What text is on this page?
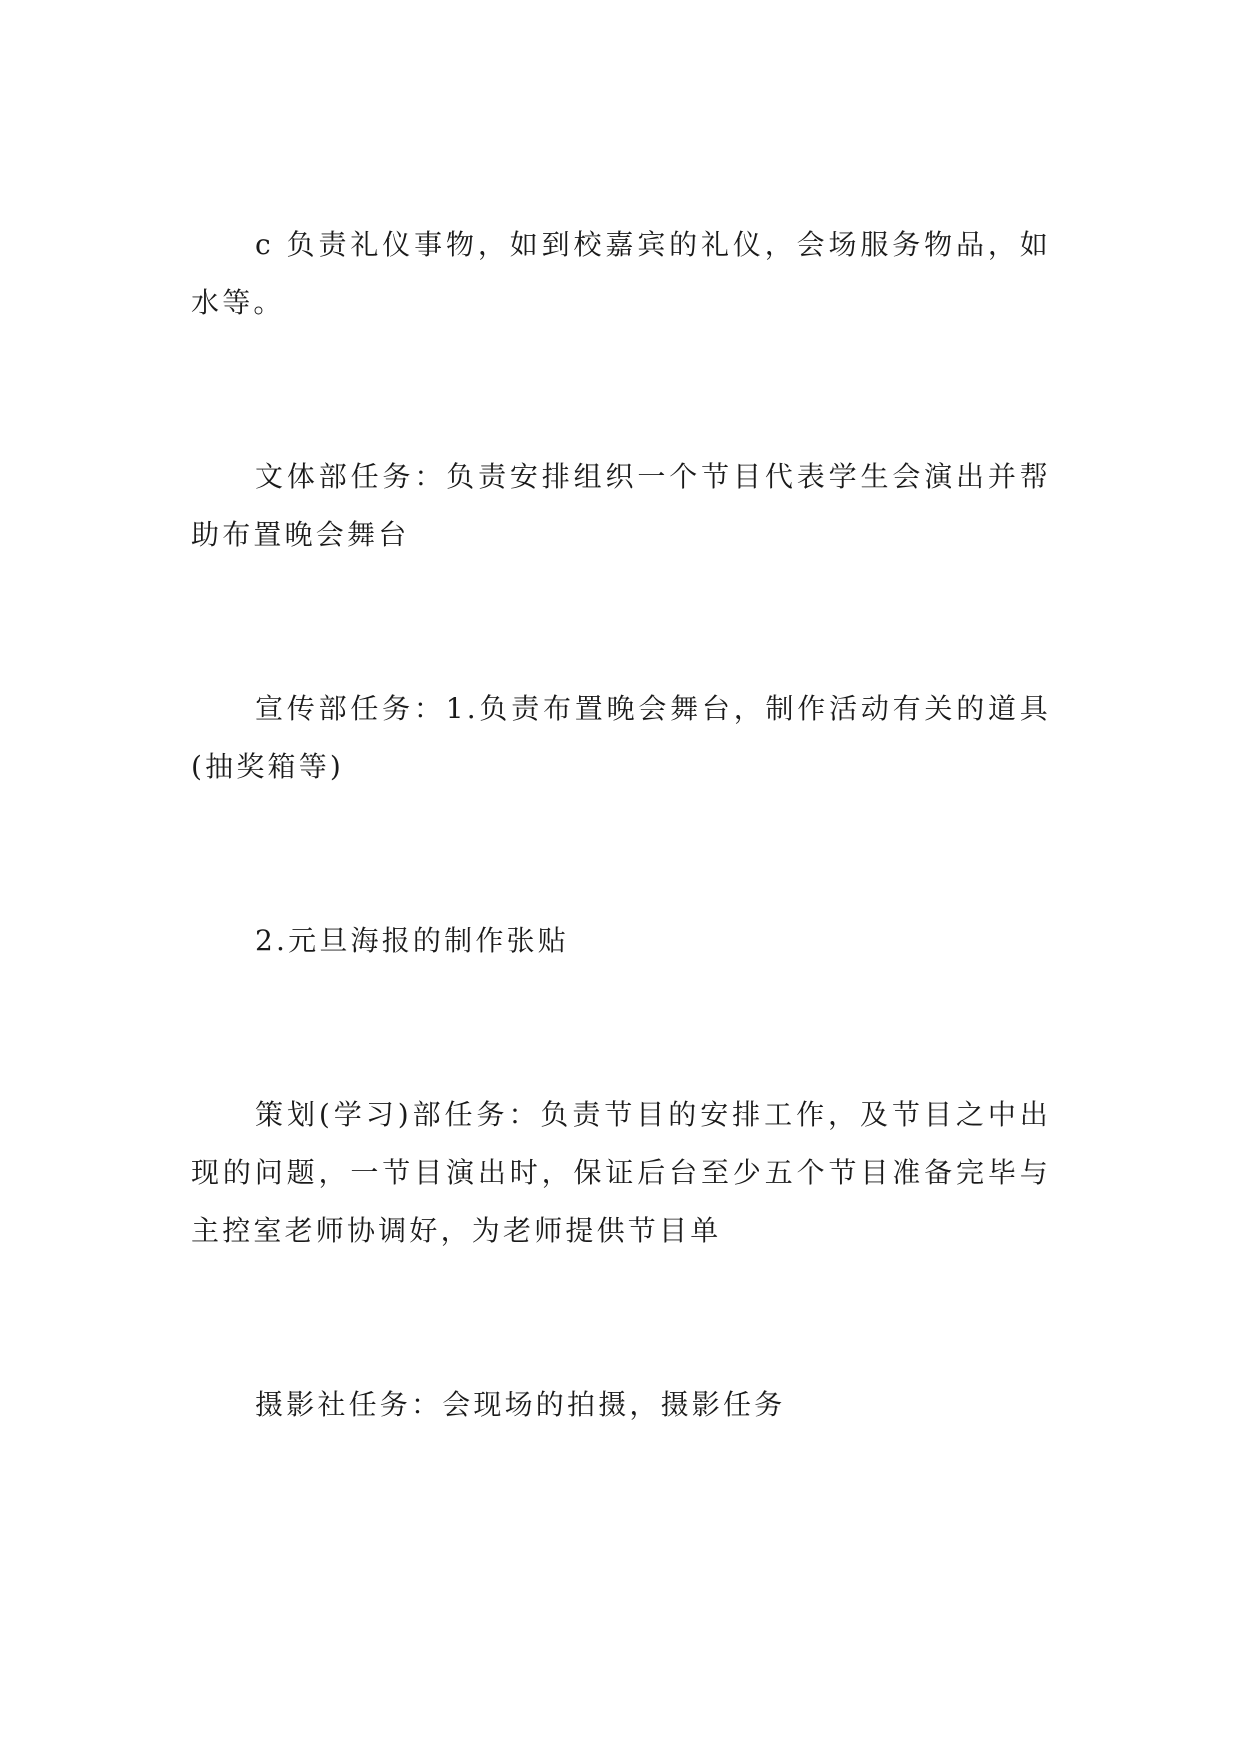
c 负责礼仪事物，如到校嘉宾的礼仪，会场服务物品，如水等。

文体部任务：负责安排组织一个节目代表学生会演出并帮助布置晚会舞台

宣传部任务：1.负责布置晚会舞台，制作活动有关的道具(抽奖箱等)

2.元旦海报的制作张贴

策划(学习)部任务：负责节目的安排工作，及节目之中出现的问题，一节目演出时，保证后台至少五个节目准备完毕与主控室老师协调好，为老师提供节目单

摄影社任务：会现场的拍摄，摄影任务
